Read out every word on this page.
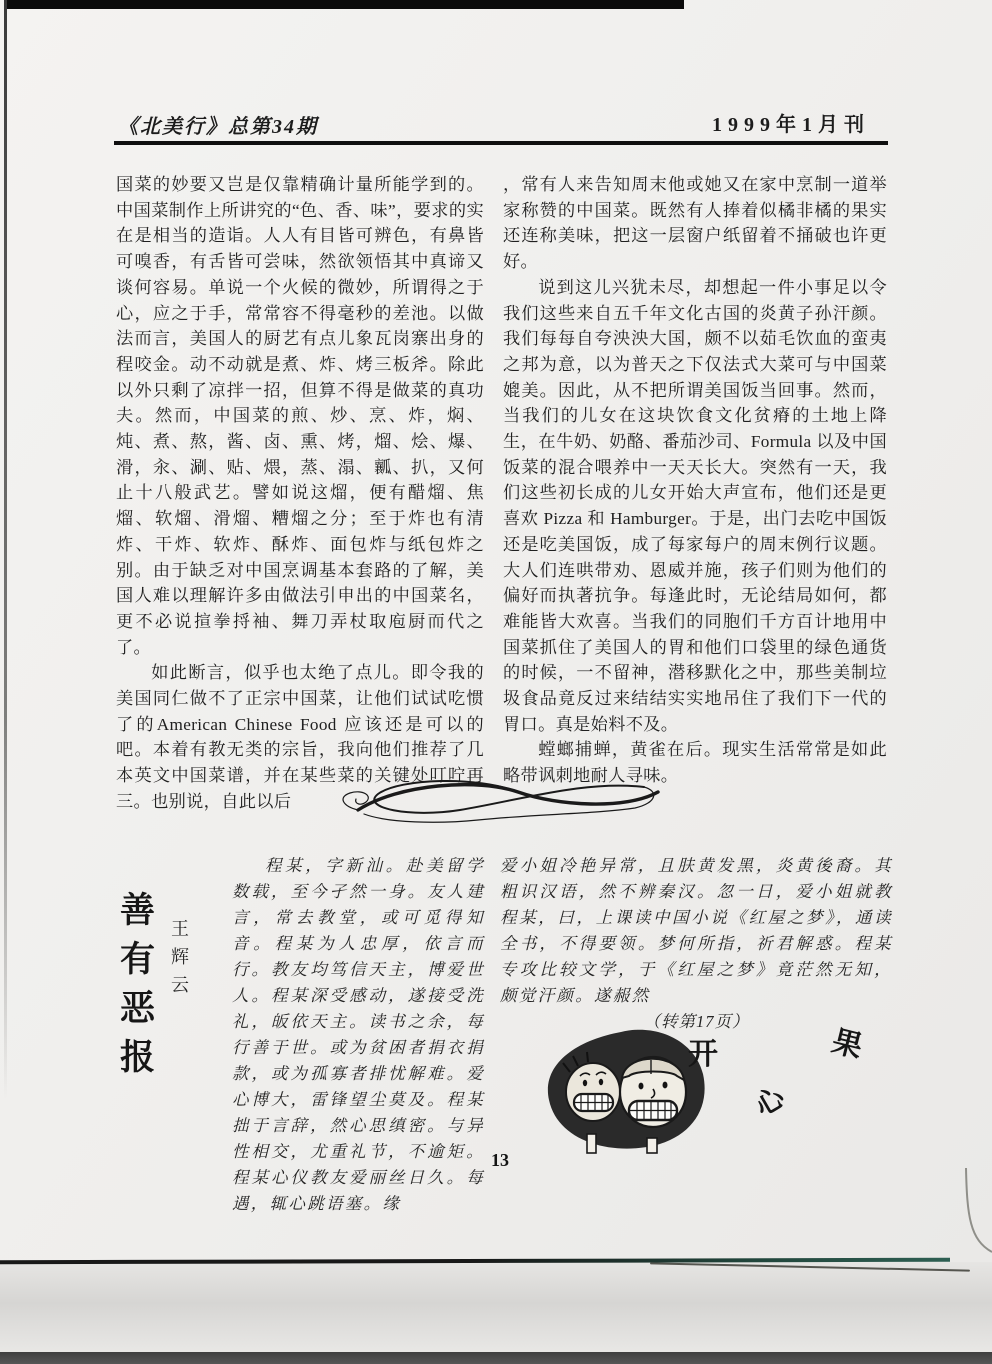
《北美行》总第34期	1999年1月刊

国菜的妙要又岂是仅靠精确计量所能学到的。中国菜制作上所讲究的“色、香、味”，要求的实在是相当的造诣。人人有目皆可辨色，有鼻皆可嗅香，有舌皆可尝味，然欲领悟其中真谛又谈何容易。单说一个火候的微妙，所谓得之于心，应之于手，常常容不得毫秒的差池。以做法而言，美国人的厨艺有点儿象瓦岗寨出身的程咬金。动不动就是煮、炸、烤三板斧。除此以外只剩了凉拌一招，但算不得是做菜的真功夫。然而，中国菜的煎、炒、烹、炸，焖、炖、煮、熬，酱、卤、熏、烤，熘、烩、爆、滑，汆、涮、贴、煨，蒸、溻、瓤、扒，又何止十八般武艺。譬如说这熘，便有醋熘、焦熘、软熘、滑熘、糟熘之分；至于炸也有清炸、干炸、软炸、酥炸、面包炸与纸包炸之别。由于缺乏对中国烹调基本套路的了解，美国人难以理解许多由做法引申出的中国菜名，更不必说揎拳捋袖、舞刀弄杖取庖厨而代之了。

如此断言，似乎也太绝了点儿。即令我的美国同仁做不了正宗中国菜，让他们试试吃惯了的American Chinese Food 应该还是可以的吧。本着有教无类的宗旨，我向他们推荐了几本英文中国菜谱，并在某些菜的关键处叮咛再三。也别说，自此以后

，常有人来告知周末他或她又在家中烹制一道举家称赞的中国菜。既然有人捧着似橘非橘的果实还连称美味，把这一层窗户纸留着不捅破也许更好。

说到这儿兴犹未尽，却想起一件小事足以令我们这些来自五千年文化古国的炎黄子孙汗颜。我们每每自夸泱泱大国，颇不以茹毛饮血的蛮夷之邦为意，以为普天之下仅法式大菜可与中国菜媲美。因此，从不把所谓美国饭当回事。然而，当我们的儿女在这块饮食文化贫瘠的土地上降生，在牛奶、奶酪、番茄沙司、Formula 以及中国饭菜的混合喂养中一天天长大。突然有一天，我们这些初长成的儿女开始大声宣布，他们还是更喜欢 Pizza 和 Hamburger。于是，出门去吃中国饭还是吃美国饭，成了每家每户的周末例行议题。大人们连哄带劝、恩威并施，孩子们则为他们的偏好而执著抗争。每逢此时，无论结局如何，都难能皆大欢喜。当我们的同胞们千方百计地用中国菜抓住了美国人的胃和他们口袋里的绿色通货的时候，一不留神，潜移默化之中，那些美制垃圾食品竟反过来结结实实地吊住了我们下一代的胃口。真是始料不及。

螳螂捕蝉，黄雀在后。现实生活常常是如此略带讽刺地耐人寻味。

善
有
恶
报
王
辉
云

程某，字新汕。赴美留学数载，至今孑然一身。友人建言，常去教堂，或可觅得知音。程某为人忠厚，依言而行。教友均笃信天主，博爱世人。程某深受感动，遂接受洗礼，皈依天主。读书之余，每行善于世。或为贫困者捐衣捐款，或为孤寡者排忧解难。爱心博大，雷锋望尘莫及。程某拙于言辞，然心思缜密。与异性相交，尤重礼节，不逾矩。程某心仪教友爱丽丝日久。每遇，辄心跳语塞。缘

爱小姐冷艳异常，且肤黄发黑，炎黄後裔。其粗识汉语，然不辨秦汉。忽一日，爱小姐就教程某，曰，上课读中国小说《红屋之梦》，通读全书，不得要领。梦何所指，祈君解惑。程某专攻比较文学，于《红屋之梦》竟茫然无知，颇觉汗颜。遂赧然

（转第17页）

开	果
心
13
